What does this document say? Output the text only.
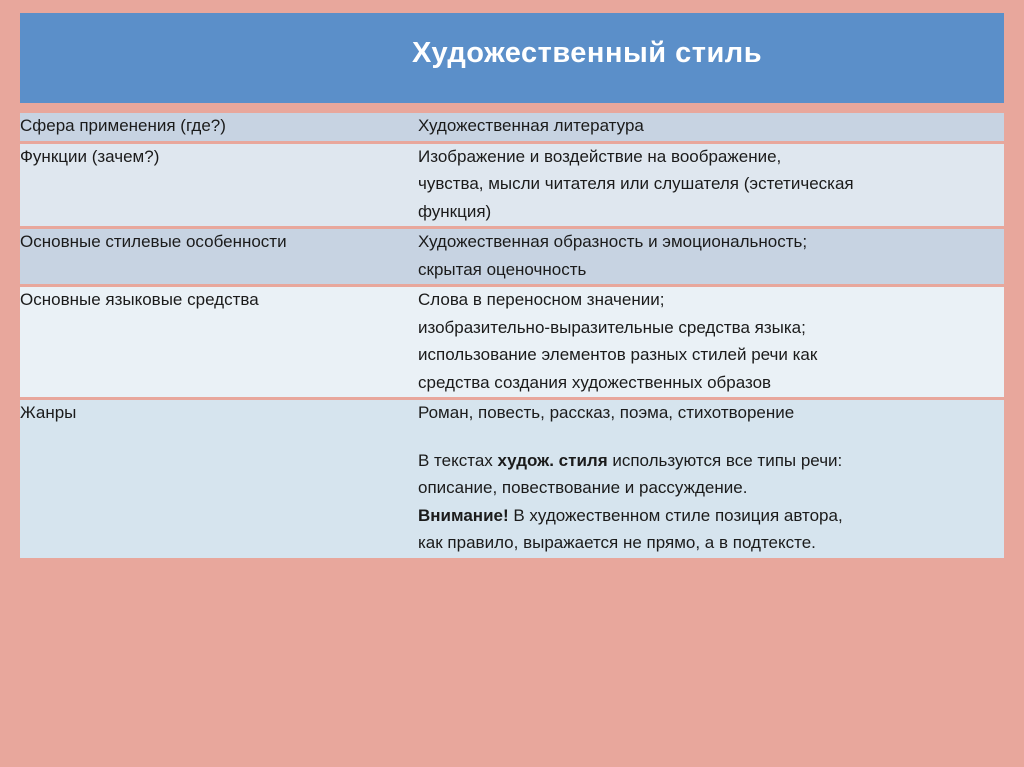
	Художественный стиль

Сфера применения (где?)	Художественная литература

Функции (зачем?)	Изображение и воздействие на воображение,

чувства, мысли читателя или слушателя (эстетическая

функция)

Основные стилевые особенности	Художественная образность и эмоциональность;

скрытая оценочность

Основные языковые средства	Слова в переносном значении;

изобразительно-выразительные средства языка;

использование элементов разных стилей речи как

средства создания художественных образов

Жанры	Роман, повесть, рассказ, поэма, стихотворение

В текстах худож. стиля используются все типы речи:

описание, повествование и рассуждение.

Внимание! В художественном стиле позиция автора,

как правило, выражается не прямо, а в подтексте.
